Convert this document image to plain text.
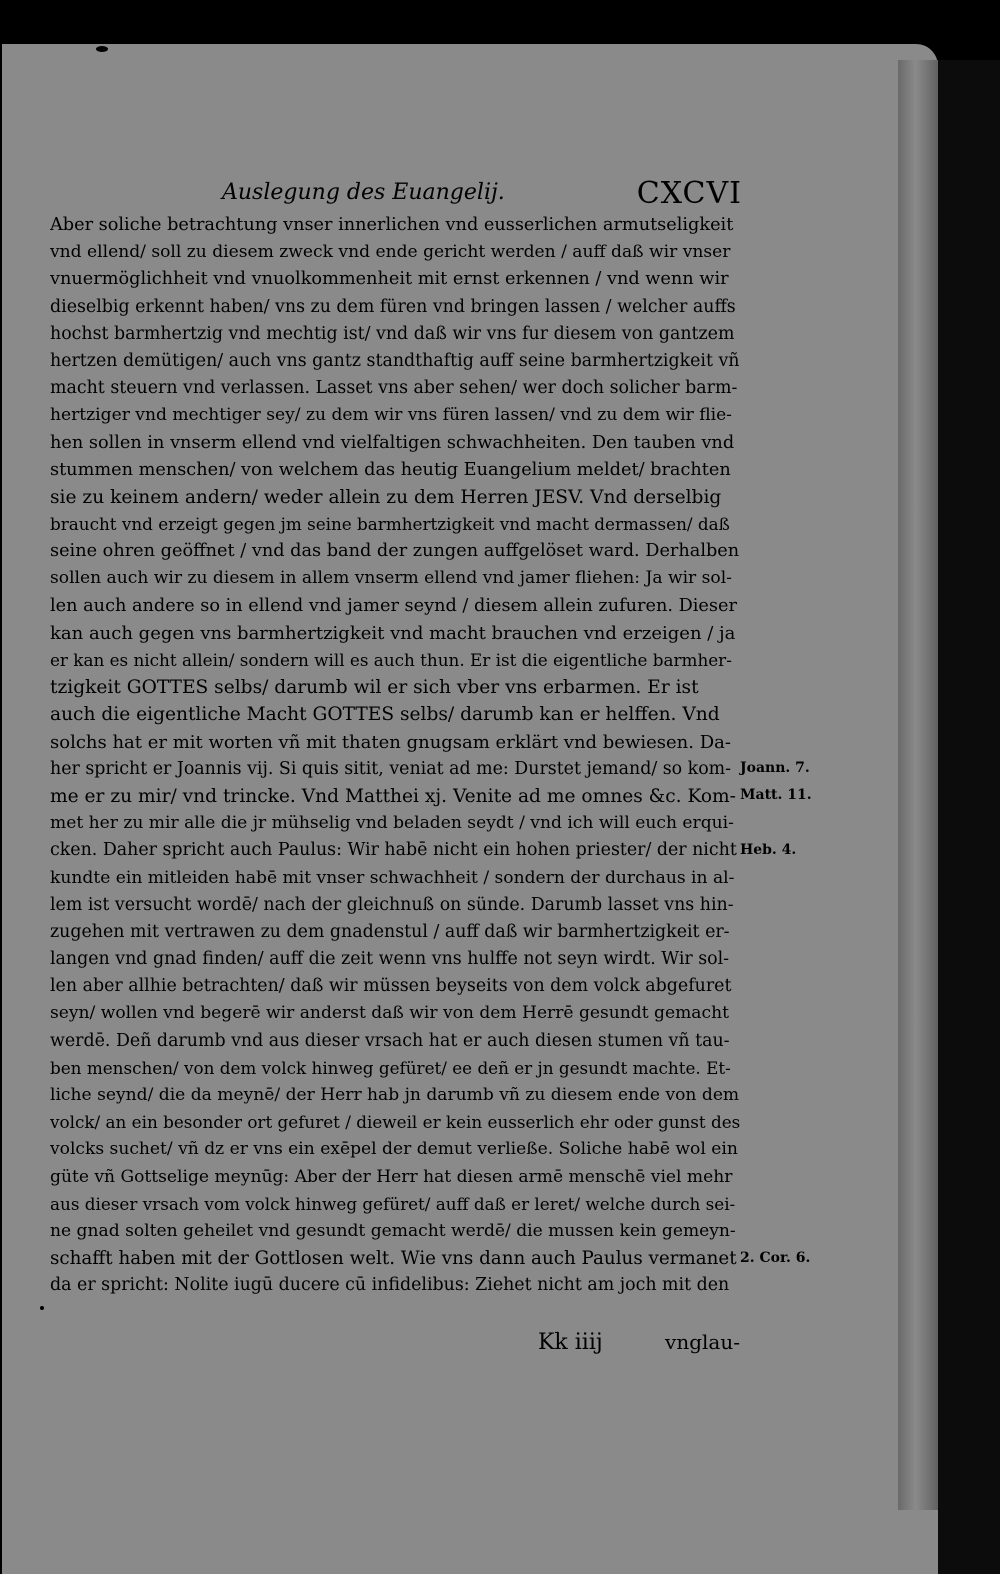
Auslegung des Euangelij.	CXCVI
Aber soliche betrachtung vnser innerlichen vnd eusserlichen armutseligkeit
vnd ellend/ soll zu diesem zweck vnd ende gericht werden / auff daß wir vnser
vnuermöglichheit vnd vnuolkommenheit mit ernst erkennen / vnd wenn wir
dieselbig erkennt haben/ vns zu dem füren vnd bringen lassen / welcher auffs
hochst barmhertzig vnd mechtig ist/ vnd daß wir vns fur diesem von gantzem
hertzen demütigen/ auch vns gantz standthaftig auff seine barmhertzigkeit vñ
macht steuern vnd verlassen. Lasset vns aber sehen/ wer doch solicher barm-
hertziger vnd mechtiger sey/ zu dem wir vns füren lassen/ vnd zu dem wir flie-
hen sollen in vnserm ellend vnd vielfaltigen schwachheiten. Den tauben vnd
stummen menschen/ von welchem das heutig Euangelium meldet/ brachten
sie zu keinem andern/ weder allein zu dem Herren JESV. Vnd derselbig
braucht vnd erzeigt gegen jm seine barmhertzigkeit vnd macht dermassen/ daß
seine ohren geöffnet / vnd das band der zungen auffgelöset ward. Derhalben
sollen auch wir zu diesem in allem vnserm ellend vnd jamer fliehen: Ja wir sol-
len auch andere so in ellend vnd jamer seynd / diesem allein zufuren. Dieser
kan auch gegen vns barmhertzigkeit vnd macht brauchen vnd erzeigen / ja
er kan es nicht allein/ sondern will es auch thun. Er ist die eigentliche barmher-
tzigkeit GOTTES selbs/ darumb wil er sich vber vns erbarmen. Er ist
auch die eigentliche Macht GOTTES selbs/ darumb kan er helffen. Vnd
solchs hat er mit worten vñ mit thaten gnugsam erklärt vnd bewiesen. Da-
her spricht er Joannis vij. Si quis sitit, veniat ad me: Durstet jemand/ so kom-
me er zu mir/ vnd trincke. Vnd Matthei xj. Venite ad me omnes &c. Kom-
met her zu mir alle die jr mühselig vnd beladen seydt / vnd ich will euch erqui-
cken. Daher spricht auch Paulus: Wir habē nicht ein hohen priester/ der nicht
kundte ein mitleiden habē mit vnser schwachheit / sondern der durchaus in al-
lem ist versucht wordē/ nach der gleichnuß on sünde. Darumb lasset vns hin-
zugehen mit vertrawen zu dem gnadenstul / auff daß wir barmhertzigkeit er-
langen vnd gnad finden/ auff die zeit wenn vns hulffe not seyn wirdt. Wir sol-
len aber allhie betrachten/ daß wir müssen beyseits von dem volck abgefuret
seyn/ wollen vnd begerē wir anderst daß wir von dem Herrē gesundt gemacht
werdē. Deñ darumb vnd aus dieser vrsach hat er auch diesen stumen vñ tau-
ben menschen/ von dem volck hinweg gefüret/ ee deñ er jn gesundt machte. Et-
liche seynd/ die da meynē/ der Herr hab jn darumb vñ zu diesem ende von dem
volck/ an ein besonder ort gefuret / dieweil er kein eusserlich ehr oder gunst des
volcks suchet/ vñ dz er vns ein exēpel der demut verließe. Soliche habē wol ein
güte vñ Gottselige meynūg: Aber der Herr hat diesen armē menschē viel mehr
aus dieser vrsach vom volck hinweg gefüret/ auff daß er leret/ welche durch sei-
ne gnad solten geheilet vnd gesundt gemacht werdē/ die mussen kein gemeyn-
schafft haben mit der Gottlosen welt. Wie vns dann auch Paulus vermanet
da er spricht: Nolite iugū ducere cū infidelibus: Ziehet nicht am joch mit den
Joann. 7.
Matt. 11.
Heb. 4.
2. Cor. 6.
Kk iiij	vnglau-
